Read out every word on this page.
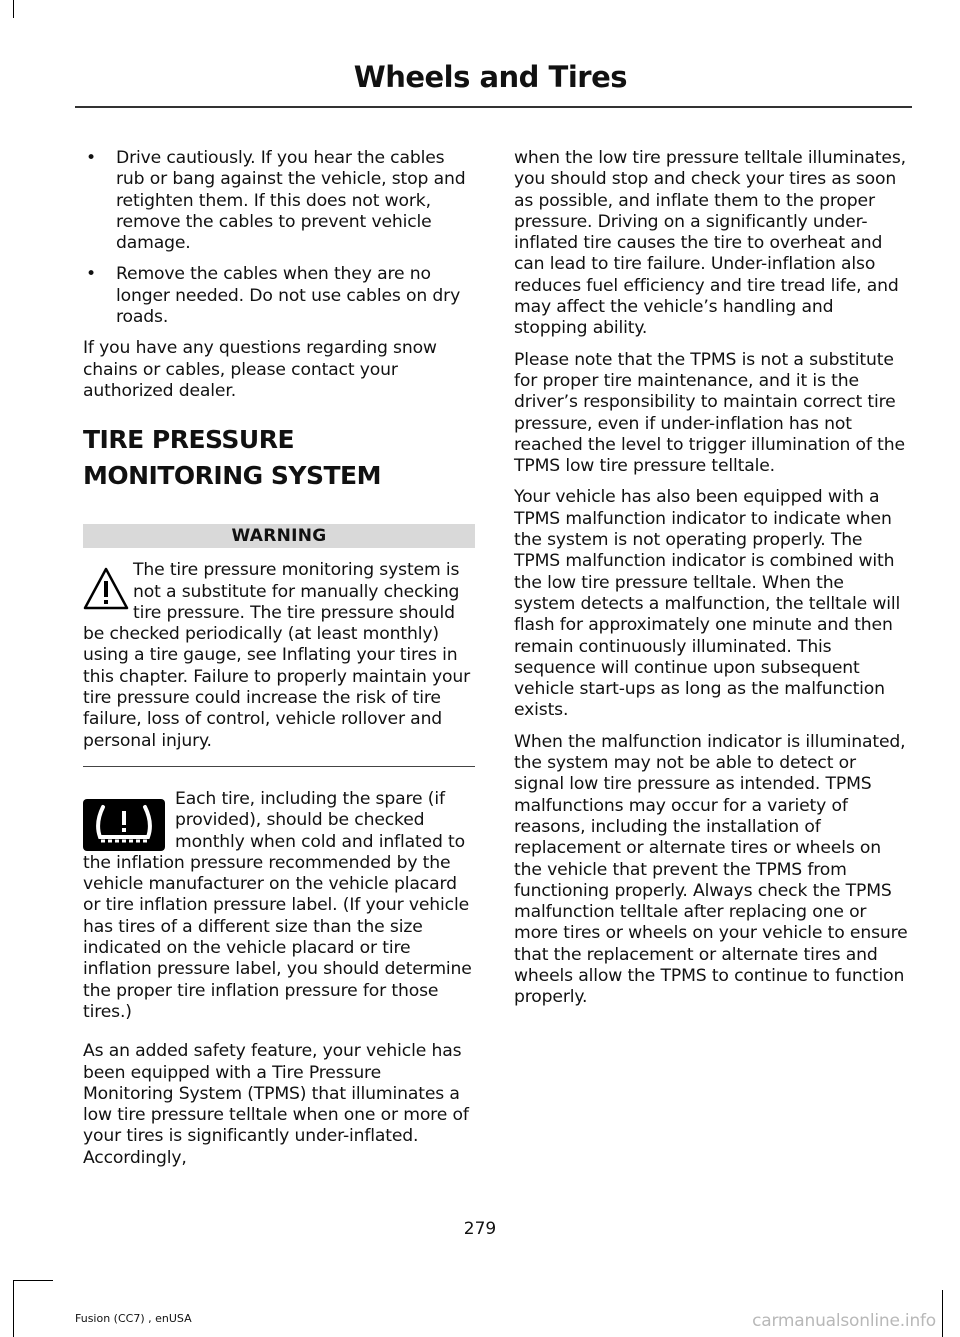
Wheels and Tires
• Drive cautiously. If you hear the cables rub or bang against the vehicle, stop and retighten them. If this does not work, remove the cables to prevent vehicle damage.
• Remove the cables when they are no longer needed. Do not use cables on dry roads.

If you have any questions regarding snow chains or cables, please contact your authorized dealer.

TIRE PRESSURE MONITORING SYSTEM
WARNING
The tire pressure monitoring system is not a substitute for manually checking tire pressure. The tire pressure should be checked periodically (at least monthly) using a tire gauge, see Inflating your tires in this chapter. Failure to properly maintain your tire pressure could increase the risk of tire failure, loss of control, vehicle rollover and personal injury.
Each tire, including the spare (if provided), should be checked monthly when cold and inflated to the inflation pressure recommended by the vehicle manufacturer on the vehicle placard or tire inflation pressure label. (If your vehicle has tires of a different size than the size indicated on the vehicle placard or tire inflation pressure label, you should determine the proper tire inflation pressure for those tires.)

As an added safety feature, your vehicle has been equipped with a Tire Pressure Monitoring System (TPMS) that illuminates a low tire pressure telltale when one or more of your tires is significantly under-inflated. Accordingly,

when the low tire pressure telltale illuminates, you should stop and check your tires as soon as possible, and inflate them to the proper pressure. Driving on a significantly under-inflated tire causes the tire to overheat and can lead to tire failure. Under-inflation also reduces fuel efficiency and tire tread life, and may affect the vehicle’s handling and stopping ability.

Please note that the TPMS is not a substitute for proper tire maintenance, and it is the driver’s responsibility to maintain correct tire pressure, even if under-inflation has not reached the level to trigger illumination of the TPMS low tire pressure telltale.

Your vehicle has also been equipped with a TPMS malfunction indicator to indicate when the system is not operating properly. The TPMS malfunction indicator is combined with the low tire pressure telltale. When the system detects a malfunction, the telltale will flash for approximately one minute and then remain continuously illuminated. This sequence will continue upon subsequent vehicle start-ups as long as the malfunction exists.

When the malfunction indicator is illuminated, the system may not be able to detect or signal low tire pressure as intended. TPMS malfunctions may occur for a variety of reasons, including the installation of replacement or alternate tires or wheels on the vehicle that prevent the TPMS from functioning properly. Always check the TPMS malfunction telltale after replacing one or more tires or wheels on your vehicle to ensure that the replacement or alternate tires and wheels allow the TPMS to continue to function properly.

279
Fusion (CC7) , enUSA	carmanualsonline.info
